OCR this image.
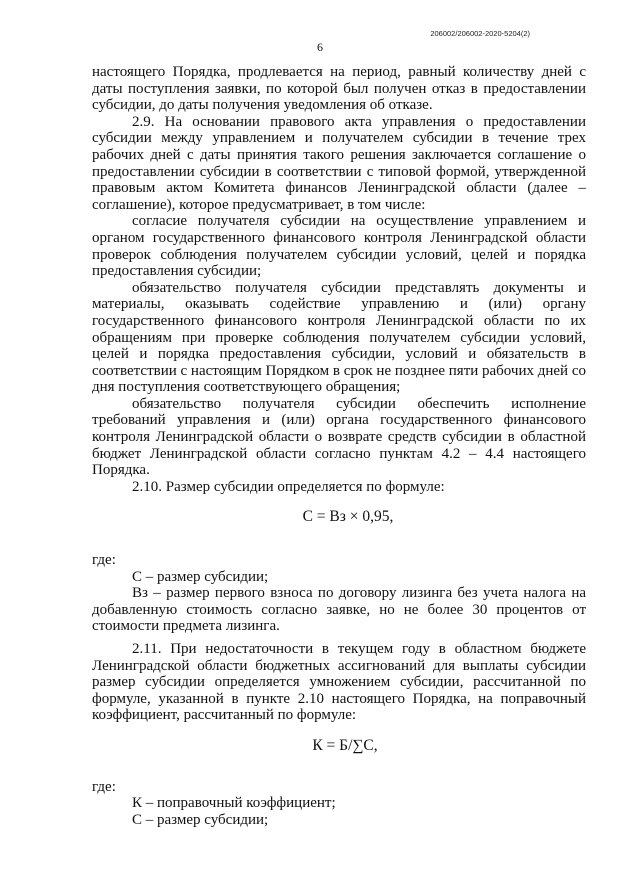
206002/206002-2020-5204(2)
6

настоящего Порядка, продлевается на период, равный количеству дней с даты поступления заявки, по которой был получен отказ в предоставлении субсидии, до даты получения уведомления об отказе.

2.9. На основании правового акта управления о предоставлении субсидии между управлением и получателем субсидии в течение трех рабочих дней с даты принятия такого решения заключается соглашение о предоставлении субсидии в соответствии с типовой формой, утвержденной правовым актом Комитета финансов Ленинградской области (далее – соглашение), которое предусматривает, в том числе:

согласие получателя субсидии на осуществление управлением и органом государственного финансового контроля Ленинградской области проверок соблюдения получателем субсидии условий, целей и порядка предоставления субсидии;

обязательство получателя субсидии представлять документы и материалы, оказывать содействие управлению и (или) органу государственного финансового контроля Ленинградской области по их обращениям при проверке соблюдения получателем субсидии условий, целей и порядка предоставления субсидии, условий и обязательств в соответствии с настоящим Порядком в срок не позднее пяти рабочих дней со дня поступления соответствующего обращения;

обязательство получателя субсидии обеспечить исполнение требований управления и (или) органа государственного финансового контроля Ленинградской области о возврате средств субсидии в областной бюджет Ленинградской области согласно пунктам 4.2 – 4.4 настоящего Порядка.

2.10. Размер субсидии определяется по формуле:

С = Вз × 0,95,

где:

С – размер субсидии;

Вз – размер первого взноса по договору лизинга без учета налога на добавленную стоимость согласно заявке, но не более 30 процентов от стоимости предмета лизинга.

2.11. При недостаточности в текущем году в областном бюджете Ленинградской области бюджетных ассигнований для выплаты субсидии размер субсидии определяется умножением субсидии, рассчитанной по формуле, указанной в пункте 2.10 настоящего Порядка, на поправочный коэффициент, рассчитанный по формуле:

К = Б/∑С,

где:

К – поправочный коэффициент;

С – размер субсидии;
